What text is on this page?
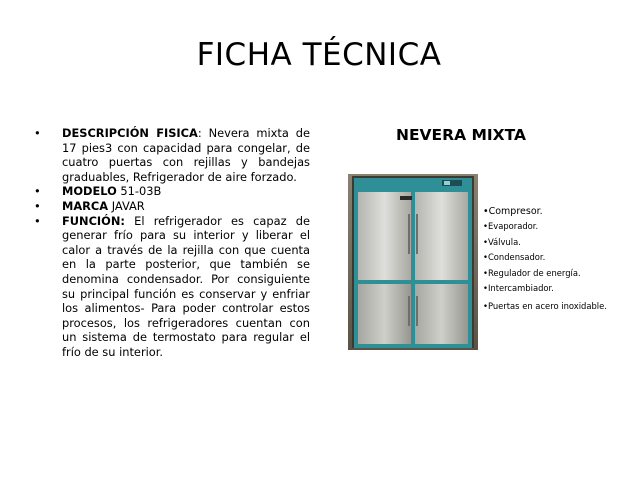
FICHA TÉCNICA
•	DESCRIPCIÓN FISICA: Nevera mixta de 17 pies3 con capacidad para congelar, de cuatro puertas con rejillas y bandejas graduables, Refrigerador de aire forzado.
•	MODELO 51-03B
•	MARCA JAVAR
•	FUNCIÓN: El refrigerador es capaz de generar frío para su interior y liberar el calor a través de la rejilla con que cuenta en la parte posterior, que también se denomina condensador. Por consiguiente su principal función es conservar y enfriar los alimentos- Para poder controlar estos procesos, los refrigeradores cuentan con un sistema de termostato para regular el frío de su interior.
NEVERA MIXTA
•Compresor.
•Evaporador.
•Válvula.
•Condensador.
•Regulador de energía.
•Intercambiador.
•Puertas en acero inoxidable.
